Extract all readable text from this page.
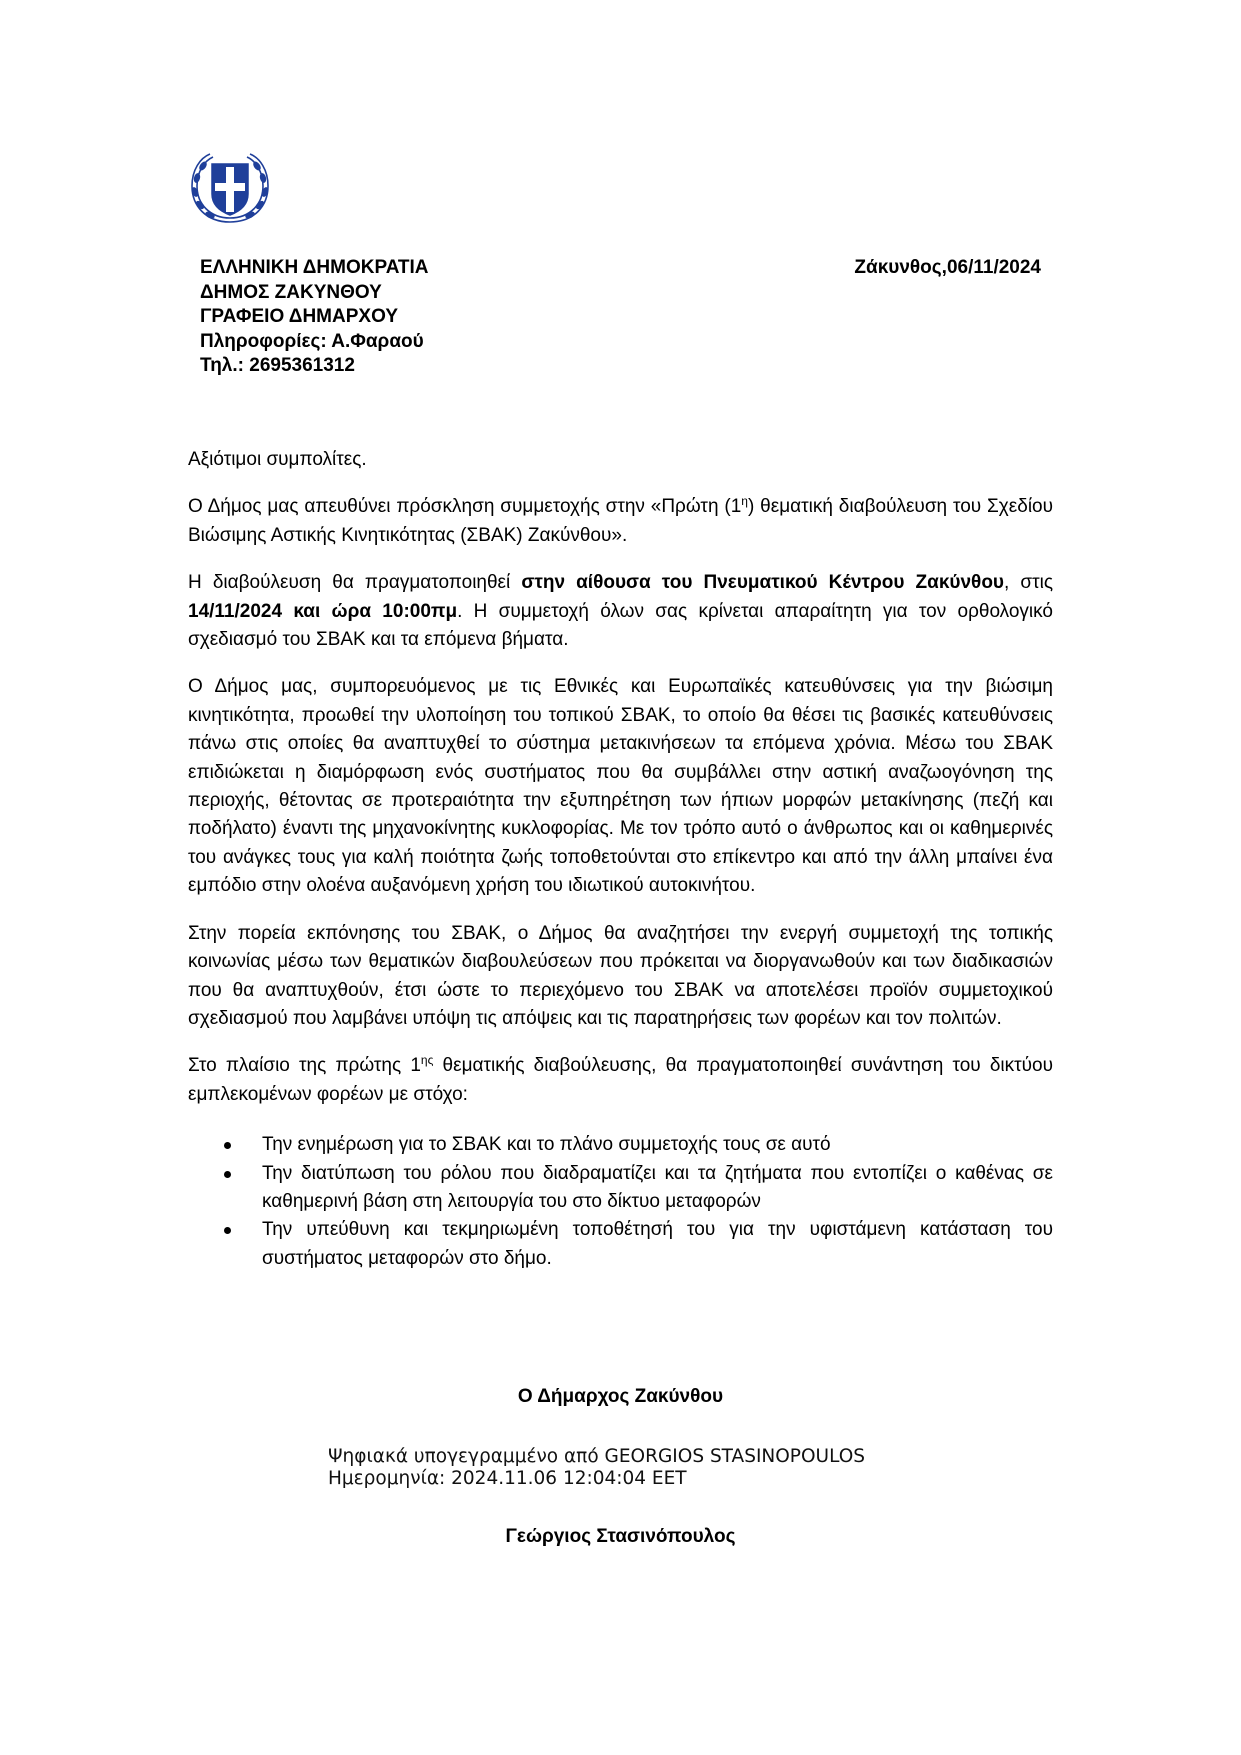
ΕΛΛΗΝΙΚΗ ΔΗΜΟΚΡΑΤΙΑ
ΔΗΜΟΣ ΖΑΚΥΝΘΟΥ
ΓΡΑΦΕΙΟ ΔΗΜΑΡΧΟΥ
Πληροφορίες: Α.Φαραού
Τηλ.: 2695361312
Ζάκυνθος,06/11/2024

Αξιότιμοι συμπολίτες.

Ο Δήμος μας απευθύνει πρόσκληση συμμετοχής στην «Πρώτη $(1^\eta)$ θεματική διαβούλευση του Σχεδίου Βιώσιμης Αστικής Κινητικότητας (ΣΒΑΚ) Ζακύνθου».

Η διαβούλευση θα πραγματοποιηθεί στην αίθουσα του Πνευματικού Κέντρου Ζακύνθου, στις 14/11/2024 και ώρα 10:00πμ. Η συμμετοχή όλων σας κρίνεται απαραίτητη για τον ορθολογικό σχεδιασμό του ΣΒΑΚ και τα επόμενα βήματα.

Ο Δήμος μας, συμπορευόμενος με τις Εθνικές και Ευρωπαϊκές κατευθύνσεις για την βιώσιμη κινητικότητα, προωθεί την υλοποίηση του τοπικού ΣΒΑΚ, το οποίο θα θέσει τις βασικές κατευθύνσεις πάνω στις οποίες θα αναπτυχθεί το σύστημα μετακινήσεων τα επόμενα χρόνια. Μέσω του ΣΒΑΚ επιδιώκεται η διαμόρφωση ενός συστήματος που θα συμβάλλει στην αστική αναζωογόνηση της περιοχής, θέτοντας σε προτεραιότητα την εξυπηρέτηση των ήπιων μορφών μετακίνησης (πεζή και ποδήλατο) έναντι της μηχανοκίνητης κυκλοφορίας. Με τον τρόπο αυτό ο άνθρωπος και οι καθημερινές του ανάγκες τους για καλή ποιότητα ζωής τοποθετούνται στο επίκεντρο και από την άλλη μπαίνει ένα εμπόδιο στην ολοένα αυξανόμενη χρήση του ιδιωτικού αυτοκινήτου.

Στην πορεία εκπόνησης του ΣΒΑΚ, ο Δήμος θα αναζητήσει την ενεργή συμμετοχή της τοπικής κοινωνίας μέσω των θεματικών διαβουλεύσεων που πρόκειται να διοργανωθούν και των διαδικασιών που θα αναπτυχθούν, έτσι ώστε το περιεχόμενο του ΣΒΑΚ να αποτελέσει προϊόν συμμετοχικού σχεδιασμού που λαμβάνει υπόψη τις απόψεις και τις παρατηρήσεις των φορέων και τον πολιτών.

Στο πλαίσιο της πρώτης $1^{\eta\varsigma}$ θεματικής διαβούλευσης, θα πραγματοποιηθεί συνάντηση του δικτύου εμπλεκομένων φορέων με στόχο:

Την ενημέρωση για το ΣΒΑΚ και το πλάνο συμμετοχής τους σε αυτό
Την διατύπωση του ρόλου που διαδραματίζει και τα ζητήματα που εντοπίζει ο καθένας σε καθημερινή βάση στη λειτουργία του στο δίκτυο μεταφορών
Την υπεύθυνη και τεκμηριωμένη τοποθέτησή του για την υφιστάμενη κατάσταση του συστήματος μεταφορών στο δήμο.
Ο Δήμαρχος Ζακύνθου
Ψηφιακά υπογεγραμμένο από GEORGIOS STASINOPOULOS
Ημερομηνία: 2024.11.06 12:04:04 EET
Γεώργιος Στασινόπουλος
